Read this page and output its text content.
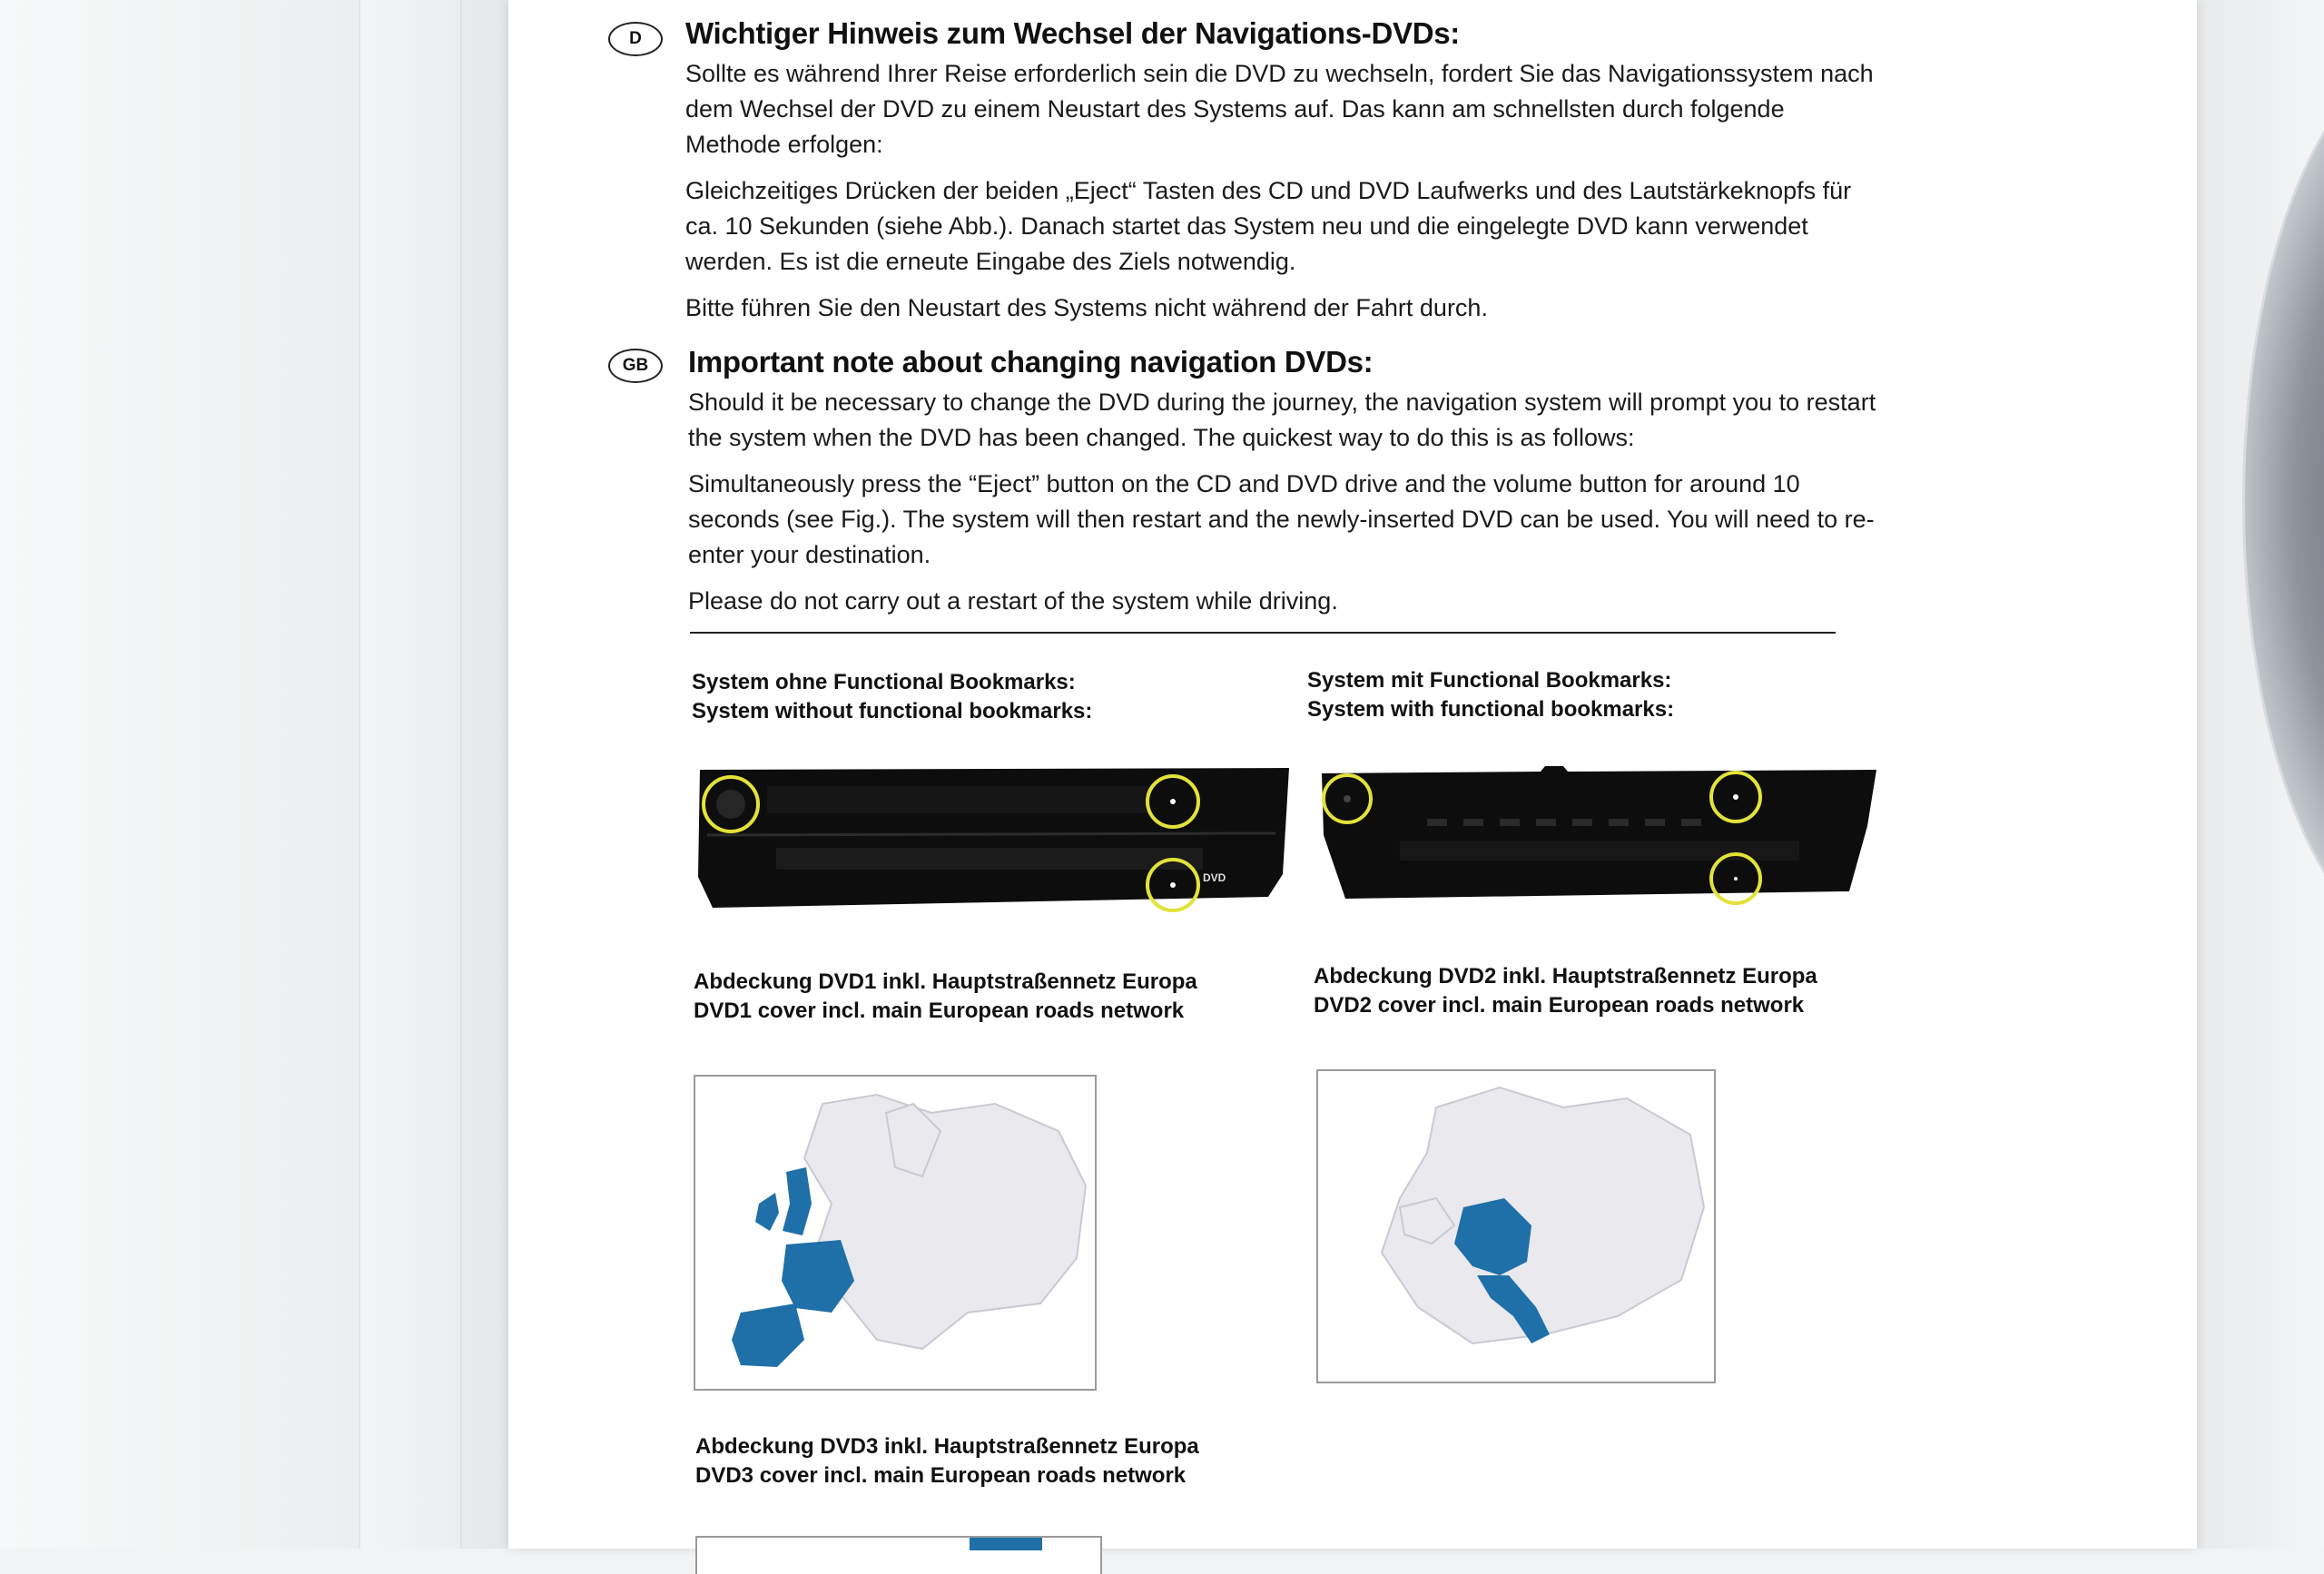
D	Wichtiger Hinweis zum Wechsel der Navigations-DVDs:
Sollte es während Ihrer Reise erforderlich sein die DVD zu wechseln, fordert Sie das Navigationssystem nach dem Wechsel der DVD zu einem Neustart des Systems auf. Das kann am schnellsten durch folgende Methode erfolgen:
Gleichzeitiges Drücken der beiden „Eject“ Tasten des CD und DVD Laufwerks und des Lautstärkeknopfs für ca. 10 Sekunden (siehe Abb.). Danach startet das System neu und die eingelegte DVD kann verwendet werden. Es ist die erneute Eingabe des Ziels notwendig.
Bitte führen Sie den Neustart des Systems nicht während der Fahrt durch.
GB	Important note about changing navigation DVDs:
Should it be necessary to change the DVD during the journey, the navigation system will prompt you to restart the system when the DVD has been changed. The quickest way to do this is as follows:
Simultaneously press the “Eject” button on the CD and DVD drive and the volume button for around 10 seconds (see Fig.). The system will then restart and the newly-inserted DVD can be used. You will need to re-enter your destination.
Please do not carry out a restart of the system while driving.
System ohne Functional Bookmarks:
System without functional bookmarks:
System mit Functional Bookmarks:
System with functional bookmarks:
DVD
Abdeckung DVD1 inkl. Hauptstraßennetz Europa
DVD1 cover incl. main European roads network
Abdeckung DVD2 inkl. Hauptstraßennetz Europa
DVD2 cover incl. main European roads network
Abdeckung DVD3 inkl. Hauptstraßennetz Europa
DVD3 cover incl. main European roads network
